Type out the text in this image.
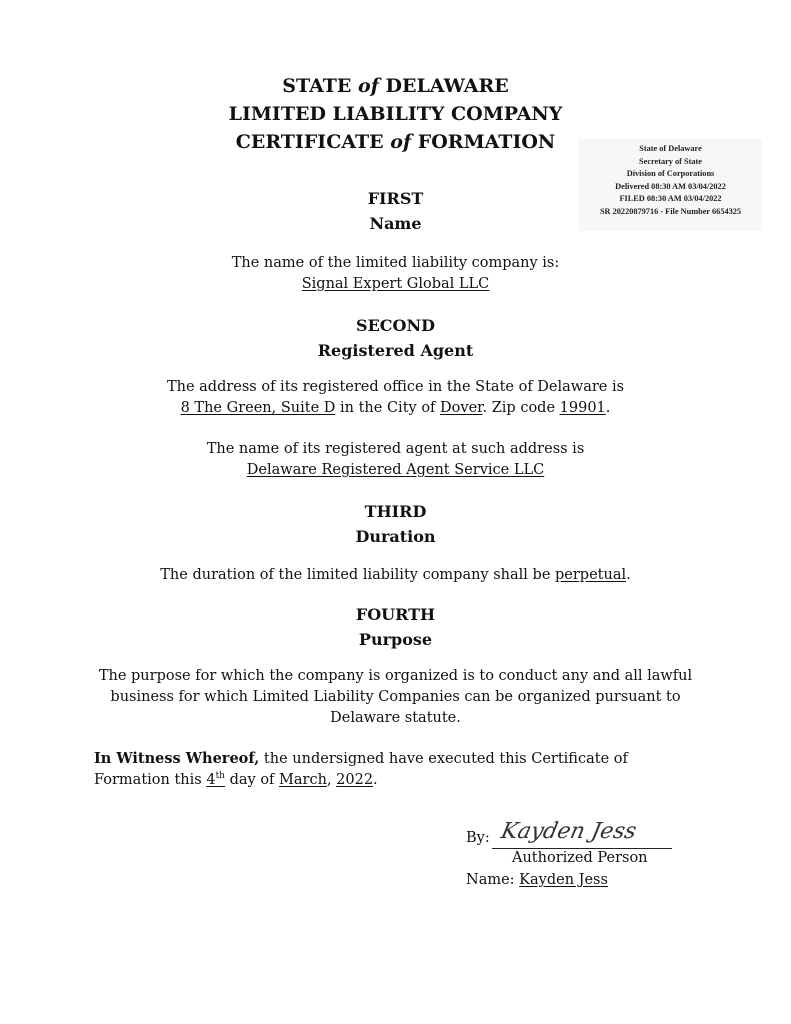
STATE of DELAWARE
LIMITED LIABILITY COMPANY
CERTIFICATE of FORMATION	State of Delaware
Secretary of State
Division of Corporations
Delivered 08:30 AM 03/04/2022
FILED 08:30 AM 03/04/2022
SR 20220879716 - File Number 6654325
FIRST
Name
The name of the limited liability company is:
Signal Expert Global LLC
SECOND
Registered Agent
The address of its registered office in the State of Delaware is
8 The Green, Suite D in the City of Dover. Zip code 19901.
The name of its registered agent at such address is
Delaware Registered Agent Service LLC
THIRD
Duration
The duration of the limited liability company shall be perpetual.
FOURTH
Purpose
The purpose for which the company is organized is to conduct any and all lawful
business for which Limited Liability Companies can be organized pursuant to
Delaware statute.
In Witness Whereof, the undersigned have executed this Certificate of
Formation this 4th day of March, 2022.
By: Kayden Jess
Authorized Person
Name: Kayden Jess
